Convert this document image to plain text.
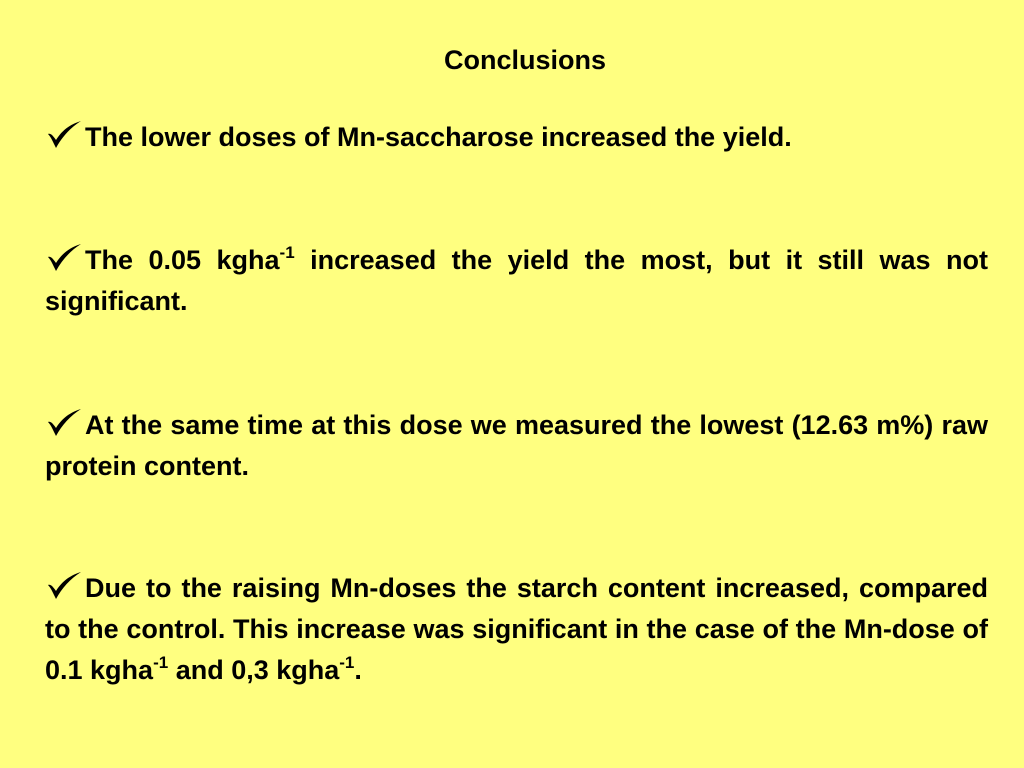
Conclusions
The lower doses of Mn-saccharose increased the yield.
The 0.05 kgha$^{-1}$ increased the yield the most, but it still was not significant.
At the same time at this dose we measured the lowest (12.63 m%) raw protein content.
Due to the raising Mn-doses the starch content increased, compared to the control. This increase was significant in the case of the Mn-dose of 0.1 kgha$^{-1}$ and 0,3 kgha$^{-1}$.
